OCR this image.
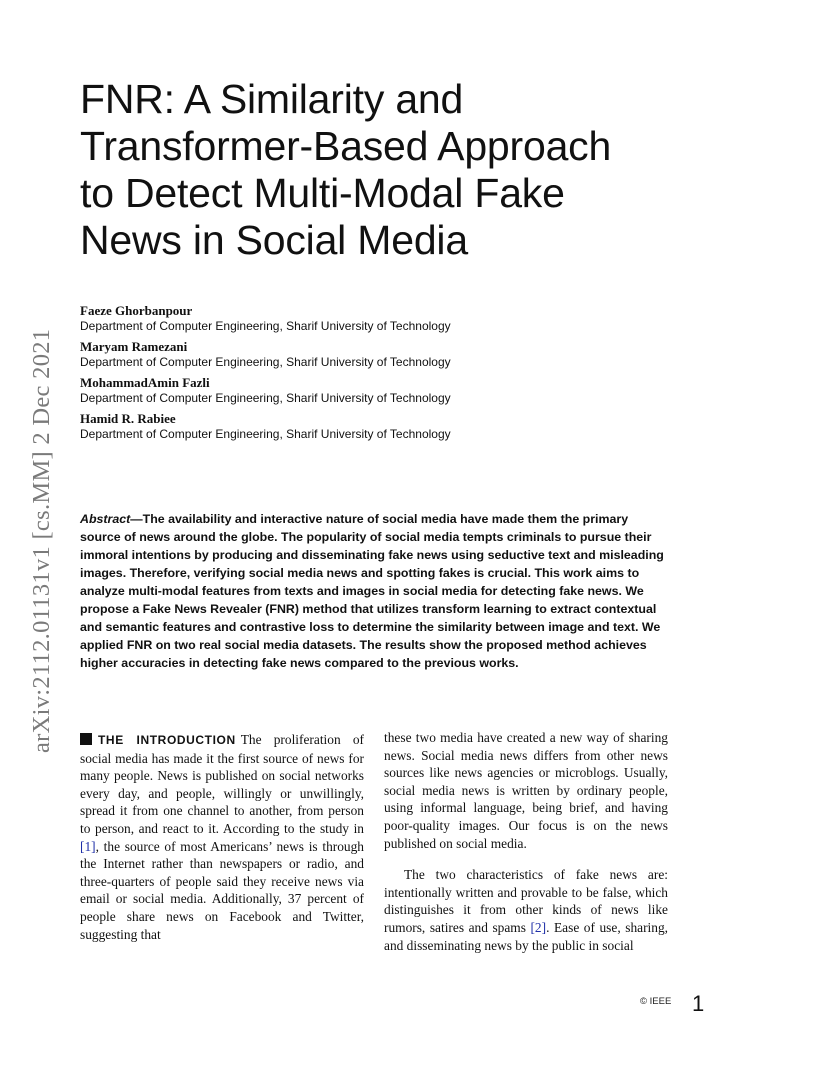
arXiv:2112.01131v1 [cs.MM] 2 Dec 2021
FNR: A Similarity and
Transformer-Based Approach
to Detect Multi-Modal Fake
News in Social Media
Faeze Ghorbanpour
Department of Computer Engineering, Sharif University of Technology
Maryam Ramezani
Department of Computer Engineering, Sharif University of Technology
MohammadAmin Fazli
Department of Computer Engineering, Sharif University of Technology
Hamid R. Rabiee
Department of Computer Engineering, Sharif University of Technology

Abstract—The availability and interactive nature of social media have made them the primary source of news around the globe. The popularity of social media tempts criminals to pursue their immoral intentions by producing and disseminating fake news using seductive text and misleading images. Therefore, verifying social media news and spotting fakes is crucial. This work aims to analyze multi-modal features from texts and images in social media for detecting fake news. We propose a Fake News Revealer (FNR) method that utilizes transform learning to extract contextual and semantic features and contrastive loss to determine the similarity between image and text. We applied FNR on two real social media datasets. The results show the proposed method achieves higher accuracies in detecting fake news compared to the previous works.

THE INTRODUCTION The proliferation of social media has made it the first source of news for many people. News is published on social networks every day, and people, willingly or unwillingly, spread it from one channel to another, from person to person, and react to it. According to the study in [1], the source of most Americans’ news is through the Internet rather than newspapers or radio, and three-quarters of people said they receive news via email or social media. Additionally, 37 percent of people share news on Facebook and Twitter, suggesting that

these two media have created a new way of sharing news. Social media news differs from other news sources like news agencies or microblogs. Usually, social media news is written by ordinary people, using informal language, being brief, and having poor-quality images. Our focus is on the news published on social media.

The two characteristics of fake news are: intentionally written and provable to be false, which distinguishes it from other kinds of news like rumors, satires and spams [2]. Ease of use, sharing, and disseminating news by the public in social

© IEEE 1
